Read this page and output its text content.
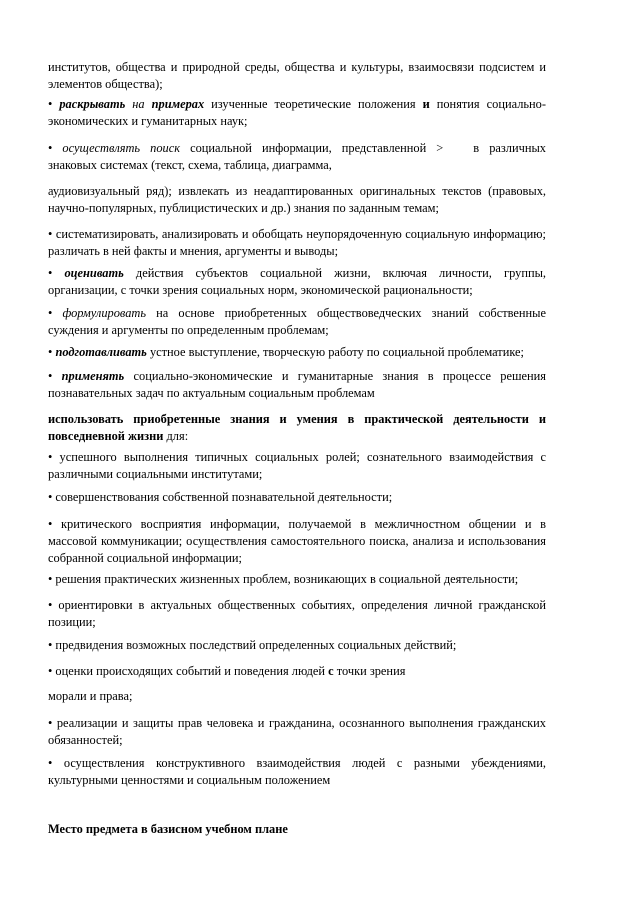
институтов, общества и природной среды, общества и культуры, взаимосвязи подсистем и элементов общества);

• раскрывать на примерах изученные теоретические положения и понятия социально-экономических и гуманитарных наук;

• осуществлять поиск социальной информации, представленной > в различных знаковых системах (текст, схема, таблица, диаграмма,

аудиовизуальный ряд); извлекать из неадаптированных оригинальных текстов (правовых, научно-популярных, публицистических и др.) знания по заданным темам;

• систематизировать, анализировать и обобщать неупорядоченную социальную информацию; различать в ней факты и мнения, аргументы и выводы;

• оценивать действия субъектов социальной жизни, включая личности, группы, организации, с точки зрения социальных норм, экономической рациональности;

• формулировать на основе приобретенных обществоведческих знаний собственные суждения и аргументы по определенным проблемам;

• подготавливать устное выступление, творческую работу по социальной проблематике;

• применять социально-экономические и гуманитарные знания в процессе решения познавательных задач по актуальным социальным проблемам

использовать приобретенные знания и умения в практической деятельности и повседневной жизни для:

• успешного выполнения типичных социальных ролей; сознательного взаимодействия с различными социальными институтами;

• совершенствования собственной познавательной деятельности;

• критического восприятия информации, получаемой в межличностном общении и в массовой коммуникации; осуществления самостоятельного поиска, анализа и использования собранной социальной информации;

• решения практических жизненных проблем, возникающих в социальной деятельности;

• ориентировки в актуальных общественных событиях, определения личной гражданской позиции;

• предвидения возможных последствий определенных социальных действий;

• оценки происходящих событий и поведения людей с точки зрения

морали и права;

• реализации и защиты прав человека и гражданина, осознанного выполнения гражданских обязанностей;

• осуществления конструктивного взаимодействия людей с разными убеждениями, культурными ценностями и социальным положением

Место предмета в базисном учебном плане
